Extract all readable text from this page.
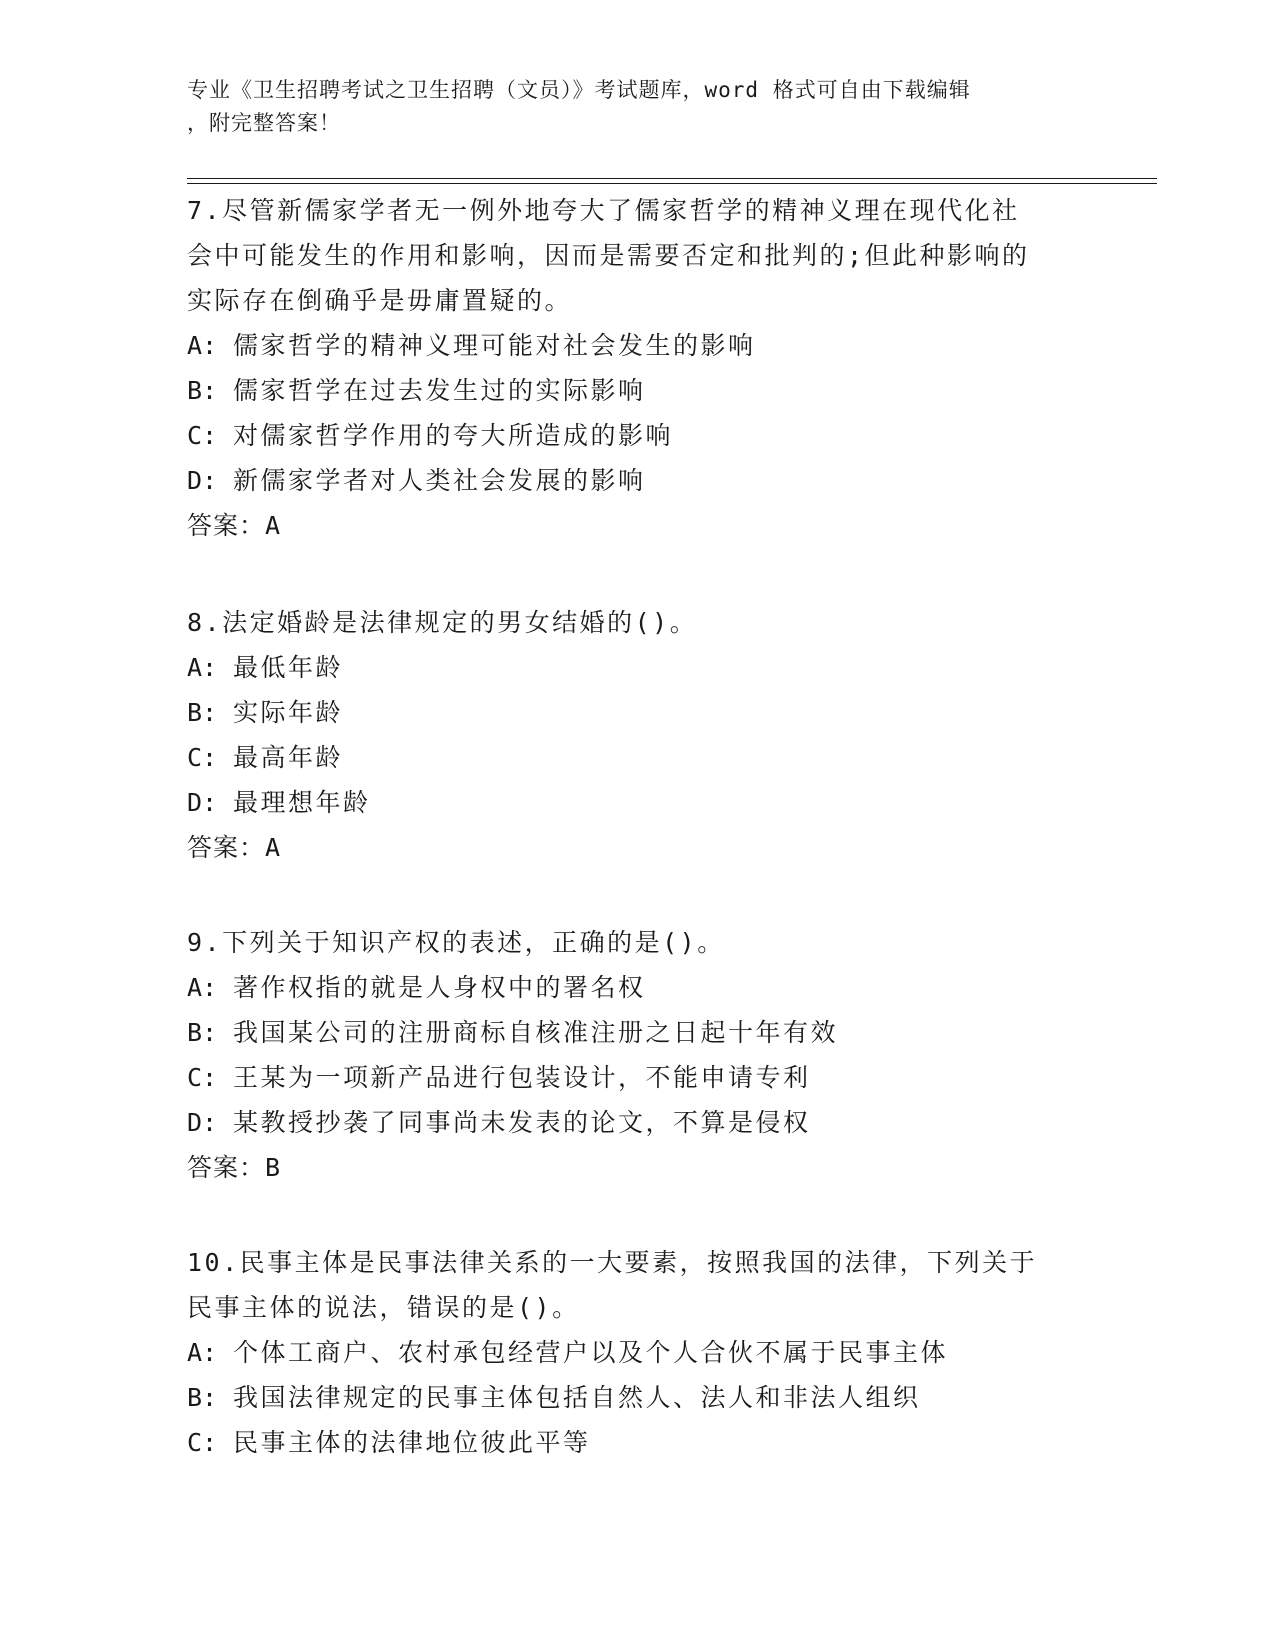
专业《卫生招聘考试之卫生招聘（文员）》考试题库，word 格式可自由下载编辑
，附完整答案！
7.尽管新儒家学者无一例外地夸大了儒家哲学的精神义理在现代化社
会中可能发生的作用和影响，因而是需要否定和批判的;但此种影响的
实际存在倒确乎是毋庸置疑的。
A: 儒家哲学的精神义理可能对社会发生的影响
B: 儒家哲学在过去发生过的实际影响
C: 对儒家哲学作用的夸大所造成的影响
D: 新儒家学者对人类社会发展的影响
答案：A
8.法定婚龄是法律规定的男女结婚的()。
A: 最低年龄
B: 实际年龄
C: 最高年龄
D: 最理想年龄
答案：A
9.下列关于知识产权的表述，正确的是()。
A: 著作权指的就是人身权中的署名权
B: 我国某公司的注册商标自核准注册之日起十年有效
C: 王某为一项新产品进行包装设计，不能申请专利
D: 某教授抄袭了同事尚未发表的论文，不算是侵权
答案：B
10.民事主体是民事法律关系的一大要素，按照我国的法律，下列关于
民事主体的说法，错误的是()。
A: 个体工商户、农村承包经营户以及个人合伙不属于民事主体
B: 我国法律规定的民事主体包括自然人、法人和非法人组织
C: 民事主体的法律地位彼此平等
